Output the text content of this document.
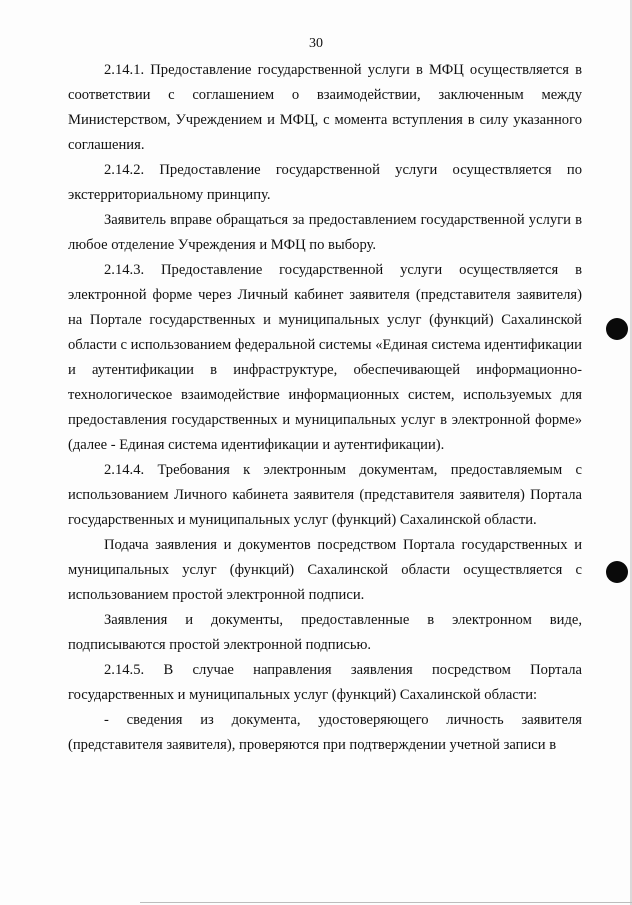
30

2.14.1. Предоставление государственной услуги в МФЦ осуществляется в соответствии с соглашением о взаимодействии, заключенным между Министерством, Учреждением и МФЦ, с момента вступления в силу указанного соглашения.

2.14.2. Предоставление государственной услуги осуществляется по экстерриториальному принципу.

Заявитель вправе обращаться за предоставлением государственной услуги в любое отделение Учреждения и МФЦ по выбору.

2.14.3. Предоставление государственной услуги осуществляется в электронной форме через Личный кабинет заявителя (представителя заявителя) на Портале государственных и муниципальных услуг (функций) Сахалинской области с использованием федеральной системы «Единая система идентификации и аутентификации в инфраструктуре, обеспечивающей информационно-технологическое взаимодействие информационных систем, используемых для предоставления государственных и муниципальных услуг в электронной форме» (далее - Единая система идентификации и аутентификации).

2.14.4. Требования к электронным документам, предоставляемым с использованием Личного кабинета заявителя (представителя заявителя) Портала государственных и муниципальных услуг (функций) Сахалинской области.

Подача заявления и документов посредством Портала государственных и муниципальных услуг (функций) Сахалинской области осуществляется с использованием простой электронной подписи.

Заявления и документы, предоставленные в электронном виде, подписываются простой электронной подписью.

2.14.5. В случае направления заявления посредством Портала государственных и муниципальных услуг (функций) Сахалинской области:

- сведения из документа, удостоверяющего личность заявителя (представителя заявителя), проверяются при подтверждении учетной записи в
